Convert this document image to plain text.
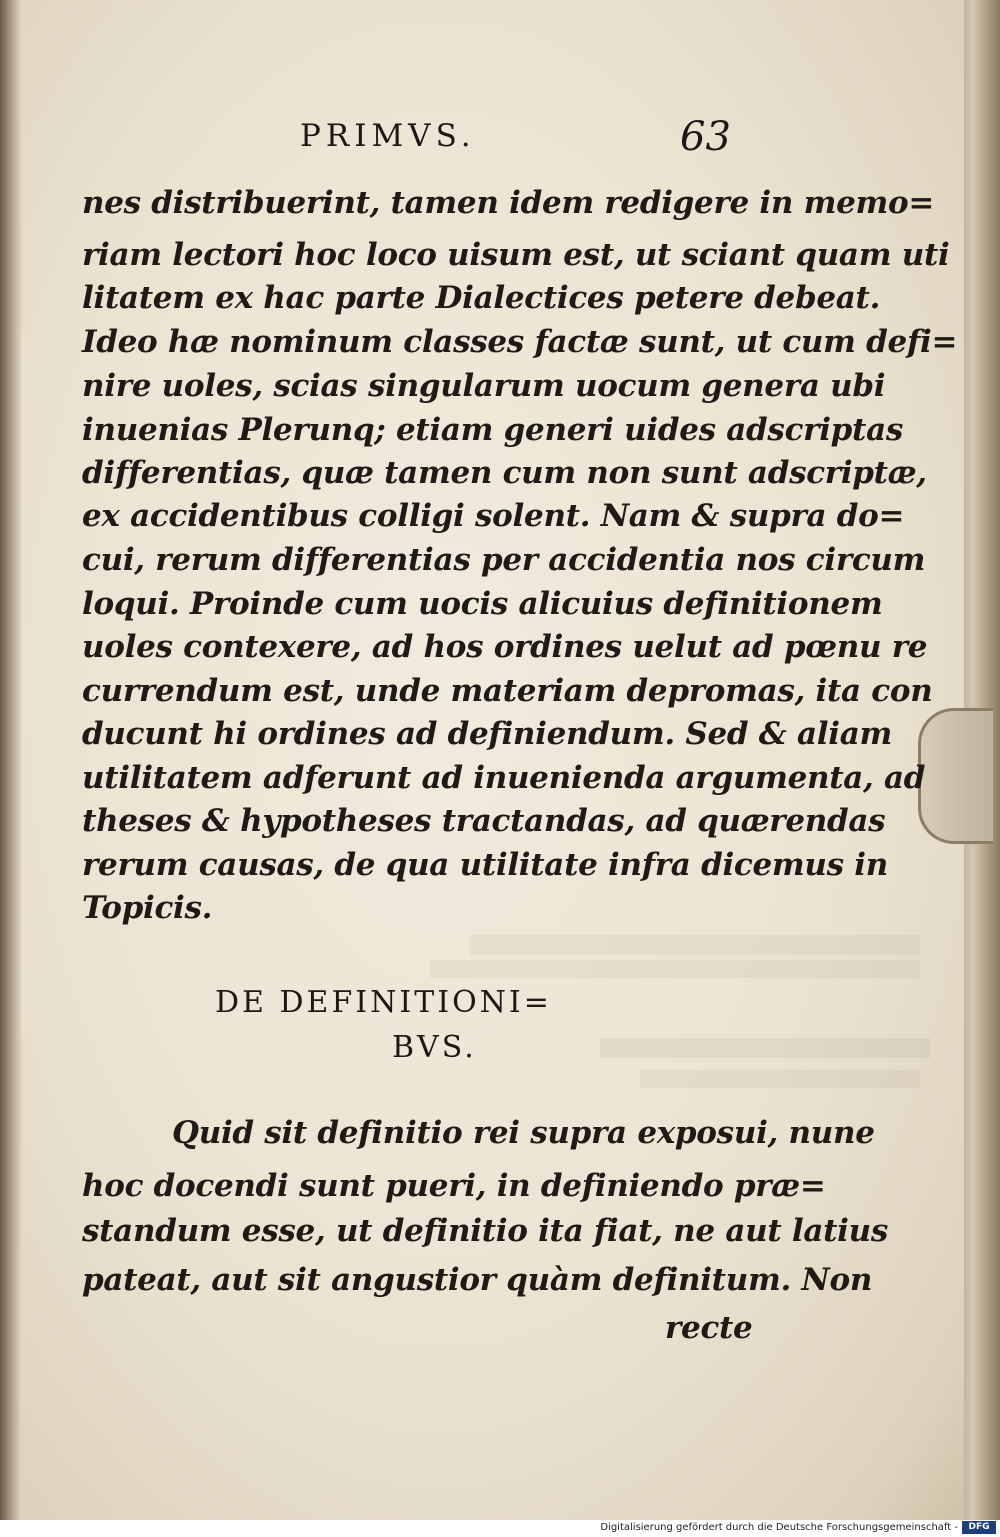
PRIMVS.	63
nes distribuerint, tamen idem redigere in memo=
riam lectori hoc loco uisum est, ut sciant quam uti
litatem ex hac parte Dialectices petere debeat.
Ideo hæ nominum classes factæ sunt, ut cum defi=
nire uoles, scias singularum uocum genera ubi
inuenias Plerunq; etiam generi uides adscriptas
differentias, quæ tamen cum non sunt adscriptæ,
ex accidentibus colligi solent. Nam & supra do=
cui, rerum differentias per accidentia nos circum
loqui. Proinde cum uocis alicuius definitionem
uoles contexere, ad hos ordines uelut ad pœnu re
currendum est, unde materiam depromas, ita con
ducunt hi ordines ad definiendum. Sed & aliam
utilitatem adferunt ad inuenienda argumenta, ad
theses & hypotheses tractandas, ad quærendas
rerum causas, de qua utilitate infra dicemus in
Topicis.
DE DEFINITIONI=
BVS.
Quid sit definitio rei supra exposui, nune
hoc docendi sunt pueri, in definiendo præ=
standum esse, ut definitio ita fiat, ne aut latius
pateat, aut sit angustior quàm definitum. Non
recte
Digitalisierung gefördert durch die Deutsche Forschungsgemeinschaft -	DFG
